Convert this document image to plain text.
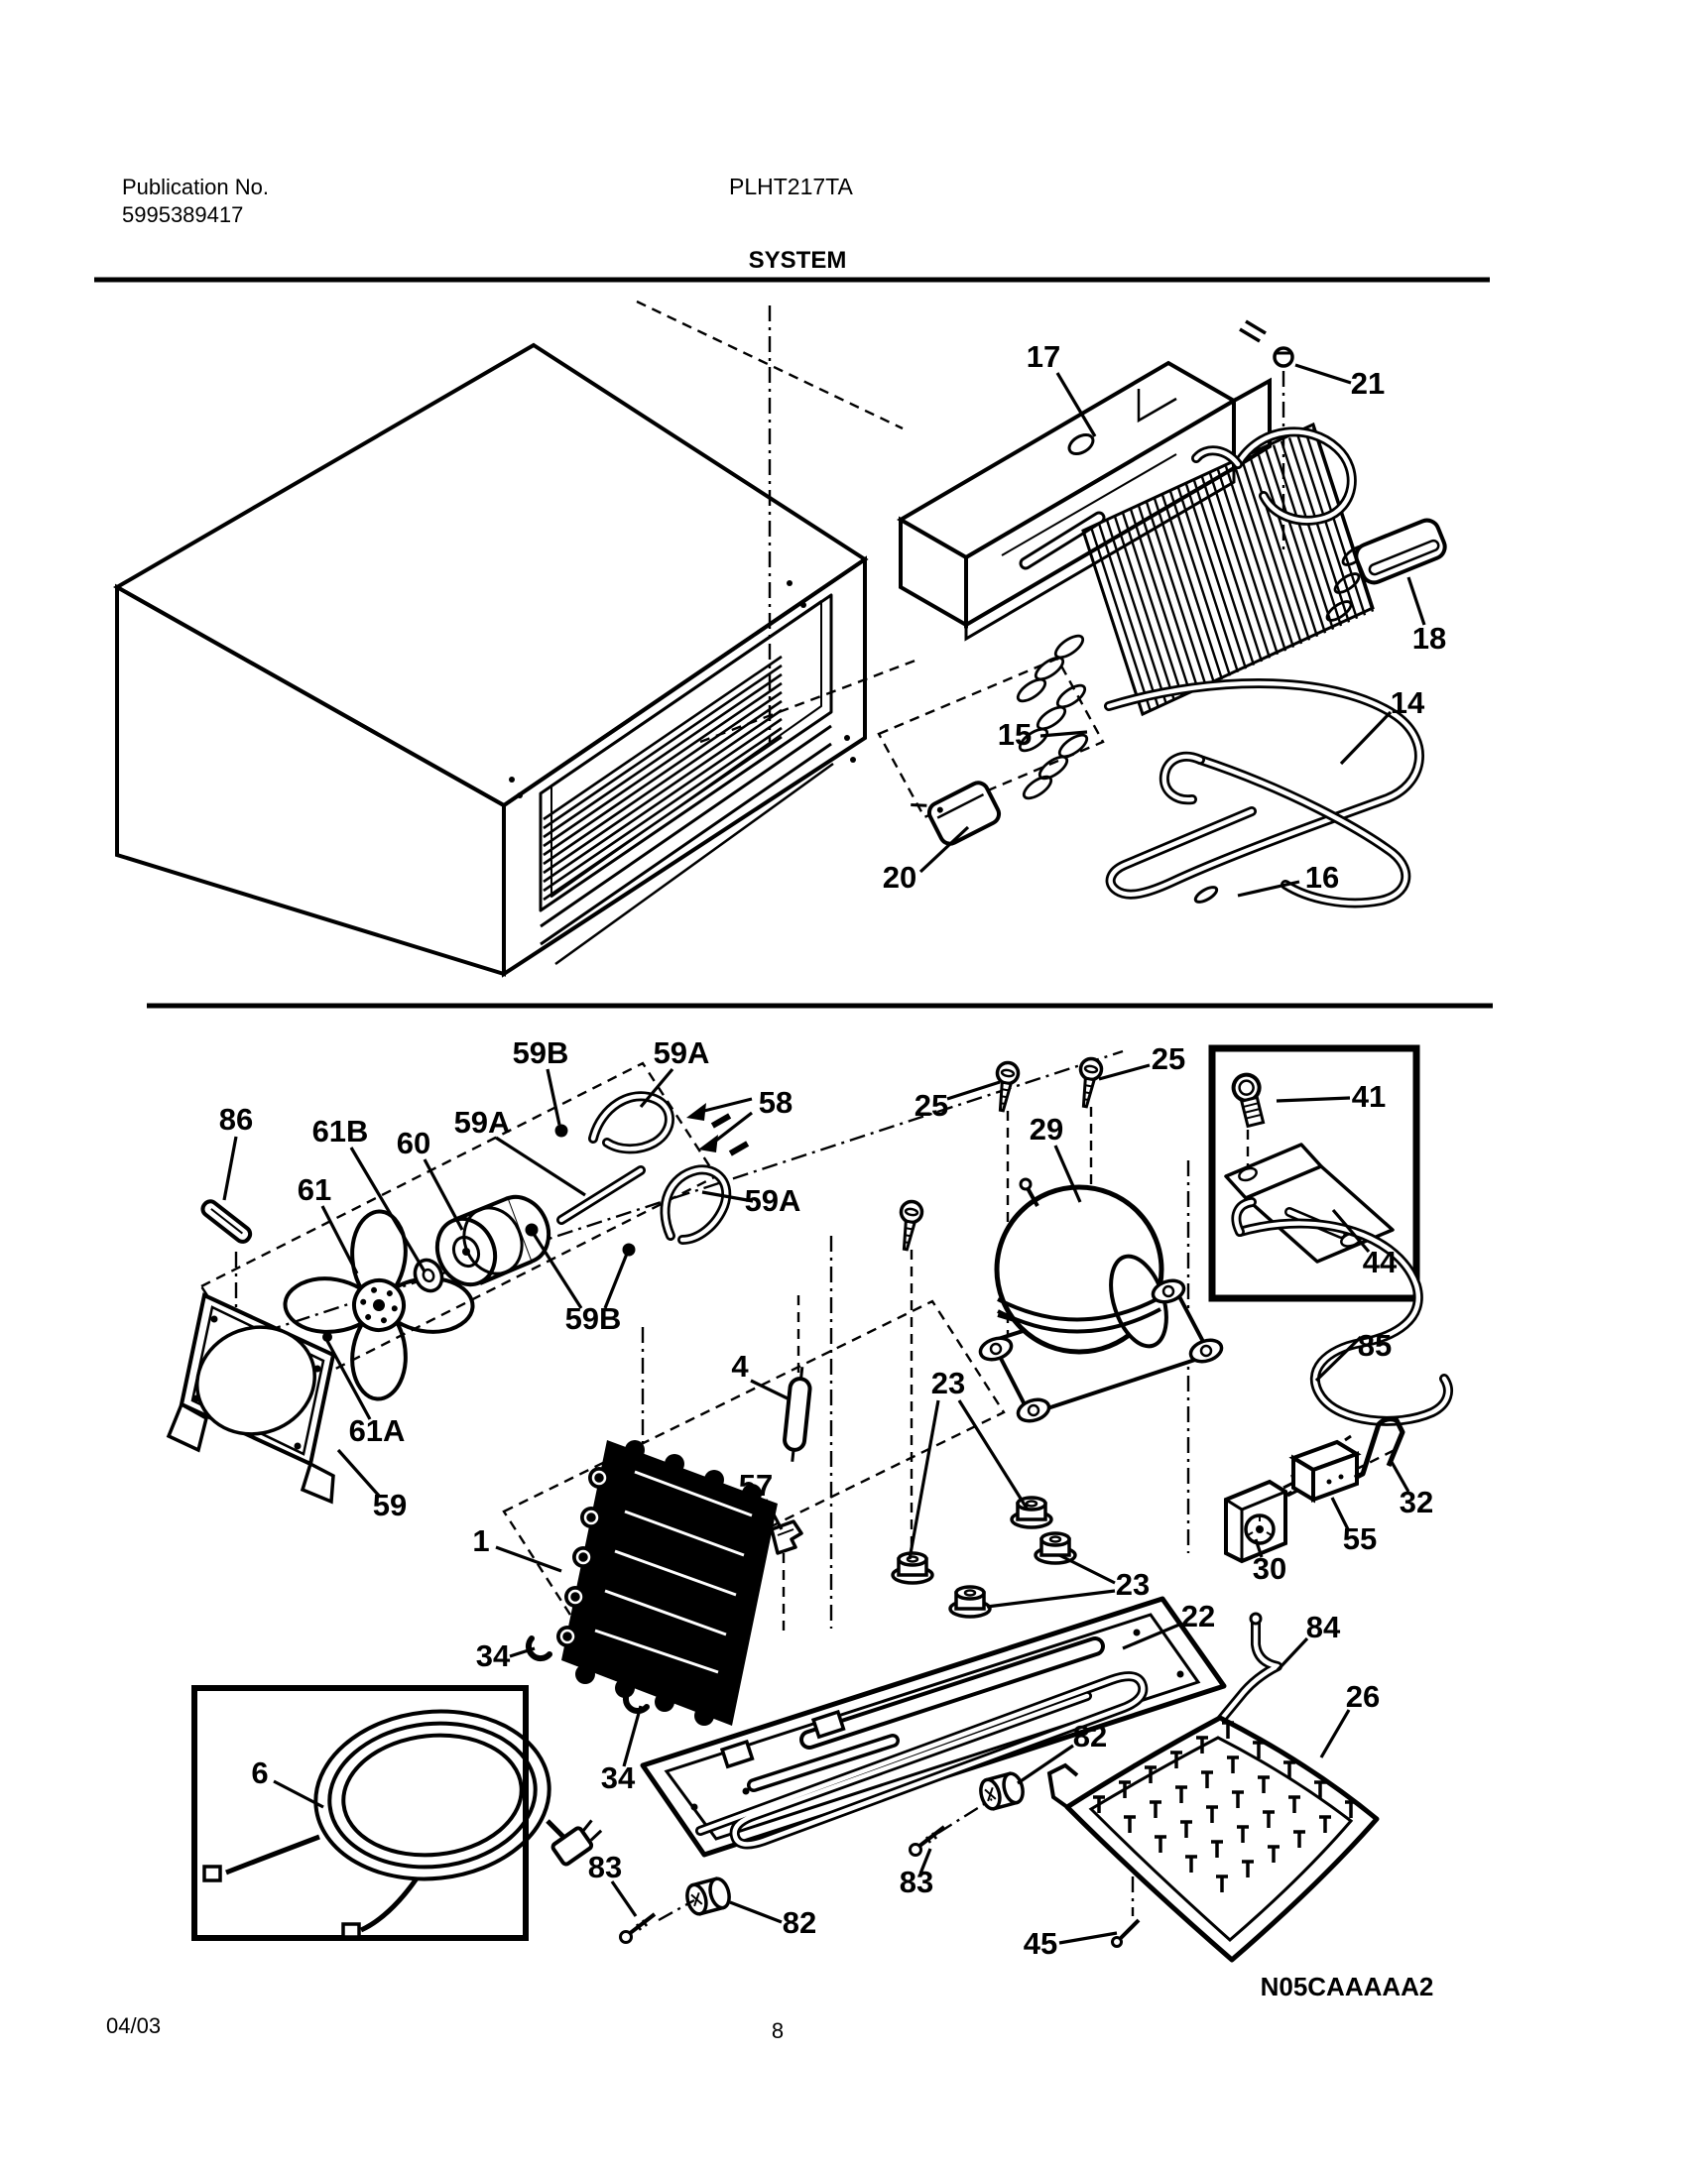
Publication No.
5995389417
PLHT217TA
SYSTEM
17
21
18
15
14
20	16
59B	59A	25
58	41
25
86	59A	29
61B 60
61	59A
44
59B
85
4	23
61A
57	32
59
55
1
30
23
22	84
34
26
82
6	34
83	83
82
45
04/03	8
N05CAAAAA2
